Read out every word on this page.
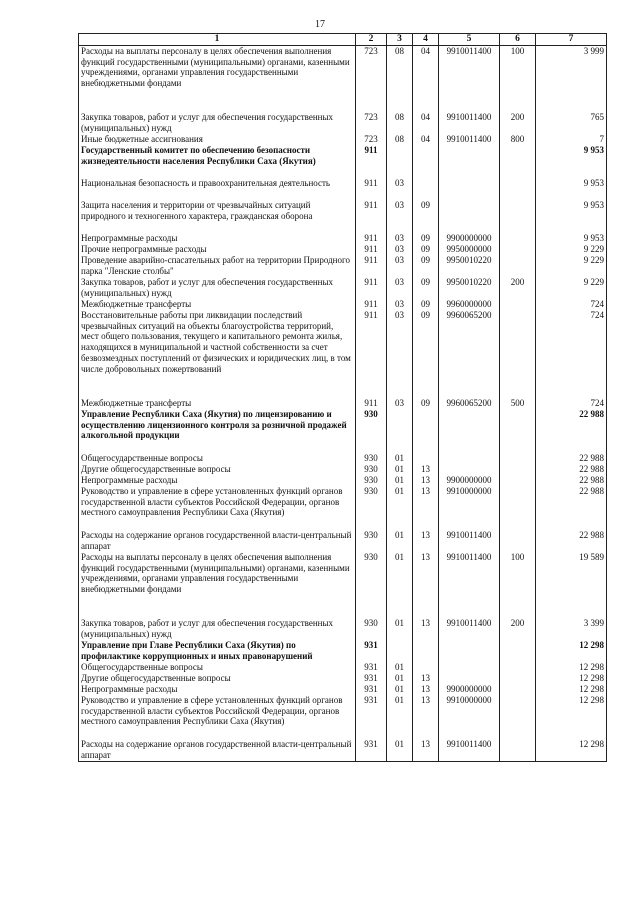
17
1	2	3	4	5	6	7
Расходы на выплаты персоналу в целях обеспечения выполнения функций государственными (муниципальными) органами, казенными учреждениями, органами управления государственными внебюджетными фондами	723	08	04	9910011400	100	3 999
Закупка товаров, работ и услуг для обеспечения государственных (муниципальных) нужд	723	08	04	9910011400	200	765
Иные бюджетные ассигнования	723	08	04	9910011400	800	7
Государственный комитет по обеспечению безопасности жизнедеятельности населения Республики Саха (Якутия)	911					9 953
Национальная безопасность и правоохранительная деятельность	911	03				9 953
Защита населения и территории от чрезвычайных ситуаций природного и техногенного характера, гражданская оборона	911	03	09			9 953
Непрограммные расходы	911	03	09	9900000000		9 953
Прочие непрограммные расходы	911	03	09	9950000000		9 229
Проведение аварийно-спасательных работ на территории Природного парка "Ленские столбы"	911	03	09	9950010220		9 229
Закупка товаров, работ и услуг для обеспечения государственных (муниципальных) нужд	911	03	09	9950010220	200	9 229
Межбюджетные трансферты	911	03	09	9960000000		724
Восстановительные работы при ликвидации последствий чрезвычайных ситуаций на объекты благоустройства территорий, мест общего пользования, текущего и капитального ремонта жилья, находящихся в муниципальной и частной собственности за счет безвозмездных поступлений от физических и юридических лиц, в том числе добровольных пожертвований	911	03	09	9960065200		724
Межбюджетные трансферты	911	03	09	9960065200	500	724
Управление Республики Саха (Якутия) по лицензированию и осуществлению лицензионного контроля за розничной продажей алкогольной продукции	930					22 988
Общегосударственные вопросы	930	01				22 988
Другие общегосударственные вопросы	930	01	13			22 988
Непрограммные расходы	930	01	13	9900000000		22 988
Руководство и управление в сфере установленных функций органов государственной власти субъектов Российской Федерации, органов местного самоуправления Республики Саха (Якутия)	930	01	13	9910000000		22 988
Расходы на содержание органов государственной власти-центральный аппарат	930	01	13	9910011400		22 988
Расходы на выплаты персоналу в целях обеспечения выполнения функций государственными (муниципальными) органами, казенными учреждениями, органами управления государственными внебюджетными фондами	930	01	13	9910011400	100	19 589
Закупка товаров, работ и услуг для обеспечения государственных (муниципальных) нужд	930	01	13	9910011400	200	3 399
Управление при Главе Республики Саха (Якутия) по профилактике коррупционных и иных правонарушений	931					12 298
Общегосударственные вопросы	931	01				12 298
Другие общегосударственные вопросы	931	01	13			12 298
Непрограммные расходы	931	01	13	9900000000		12 298
Руководство и управление в сфере установленных функций органов государственной власти субъектов Российской Федерации, органов местного самоуправления Республики Саха (Якутия)	931	01	13	9910000000		12 298
Расходы на содержание органов государственной власти-центральный аппарат	931	01	13	9910011400		12 298
